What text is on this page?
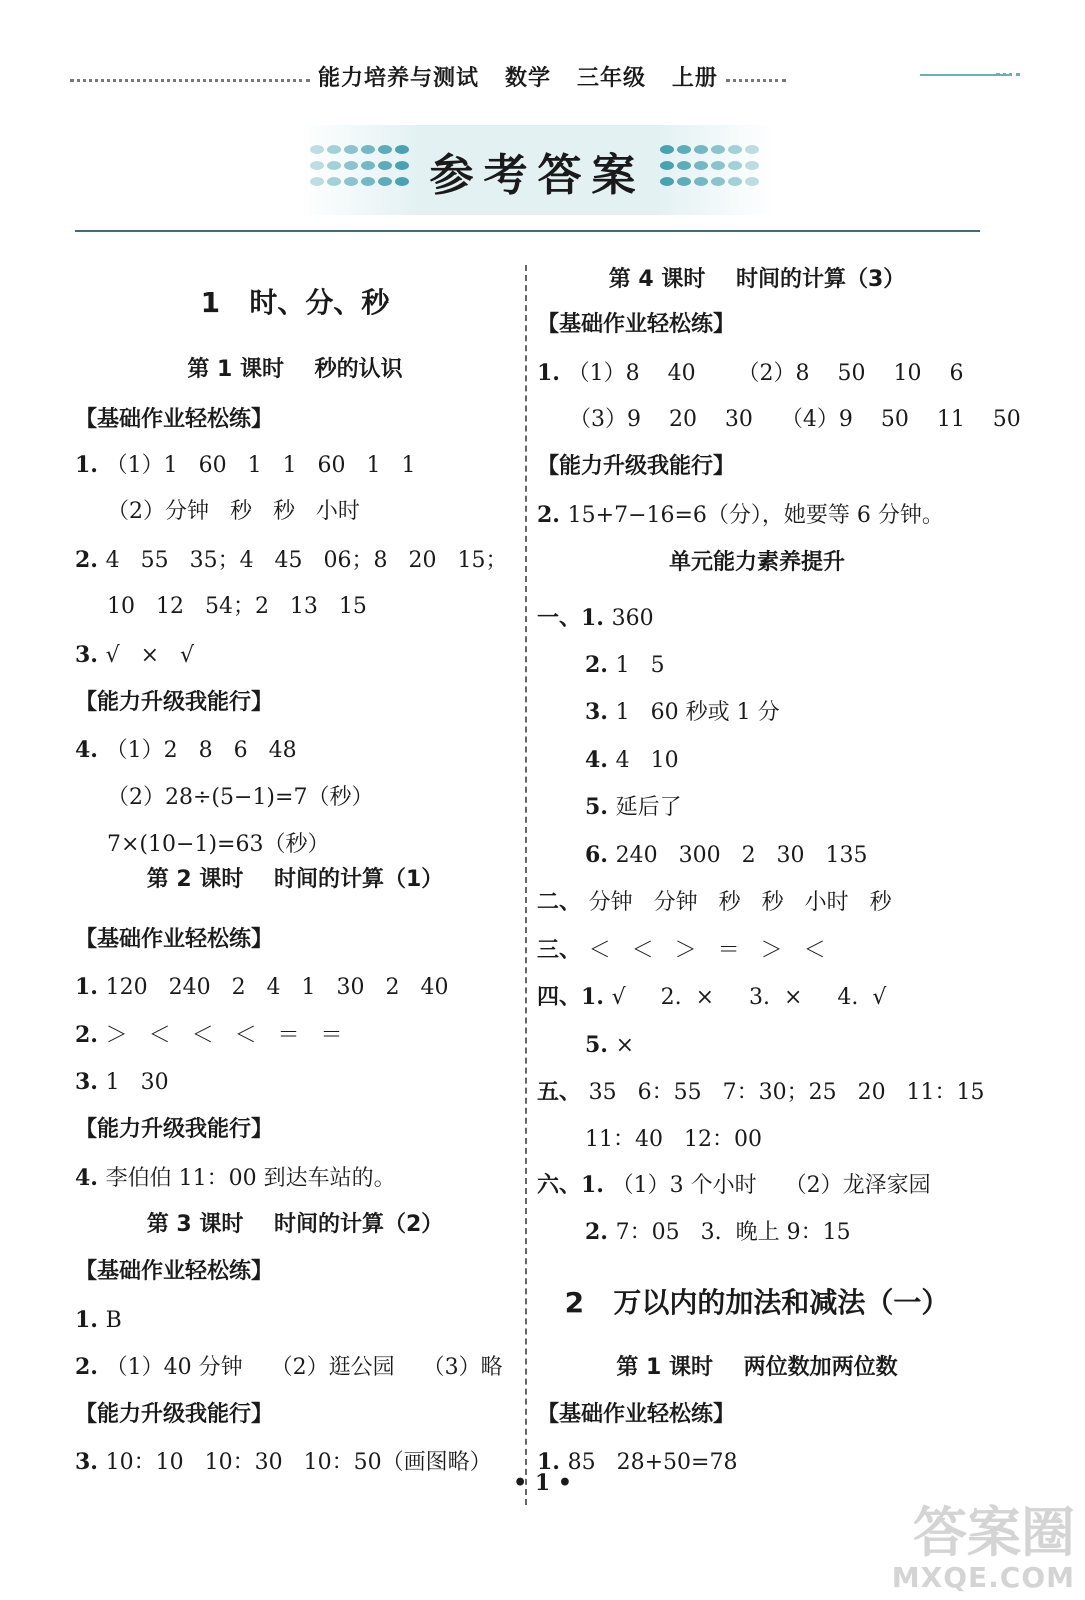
能力培养与测试   数学   三年级   上册
参考答案
1   时、分、秒
第 1 课时    秒的认识
【基础作业轻松练】
1. （1）1   60   1   1   60   1   1
（2）分钟   秒   秒   小时
2. 4   55   35；4   45   06；8   20   15；
10   12   54；2   13   15
3. √   ×   √
【能力升级我能行】
4. （1）2   8   6   48
（2）28÷(5−1)=7（秒）
7×(10−1)=63（秒）
第 2 课时    时间的计算（1）
【基础作业轻松练】
1. 120   240   2   4   1   30   2   40
2. ＞   ＜   ＜   ＜   ＝   ＝
3. 1   30
【能力升级我能行】
4. 李伯伯 11：00 到达车站的。
第 3 课时    时间的计算（2）
【基础作业轻松练】
1. B
2. （1）40 分钟    （2）逛公园    （3）略
【能力升级我能行】
3. 10：10   10：30   10：50（画图略）
第 4 课时    时间的计算（3）
【基础作业轻松练】
1. （1）8    40      （2）8    50    10    6
（3）9    20    30    （4）9    50    11    50
【能力升级我能行】
2. 15+7−16=6（分），她要等 6 分钟。
单元能力素养提升
一、1. 360
2. 1   5
3. 1   60 秒或 1 分
4. 4   10
5. 延后了
6. 240   300   2   30   135
二、 分钟   分钟   秒   秒   小时   秒
三、 ＜   ＜   ＞   ＝   ＞   ＜
四、1. √     2.  ×     3.  ×     4.  √
5. ×
五、 35   6：55   7：30；25   20   11：15
11：40   12：00
六、1. （1）3 个小时    （2）龙泽家园
2. 7：05   3.  晚上 9：15
2   万以内的加法和减法（一）
第 1 课时    两位数加两位数
【基础作业轻松练】
1. 85   28+50=78
• 1 •
答案圈
MXQE.COM
